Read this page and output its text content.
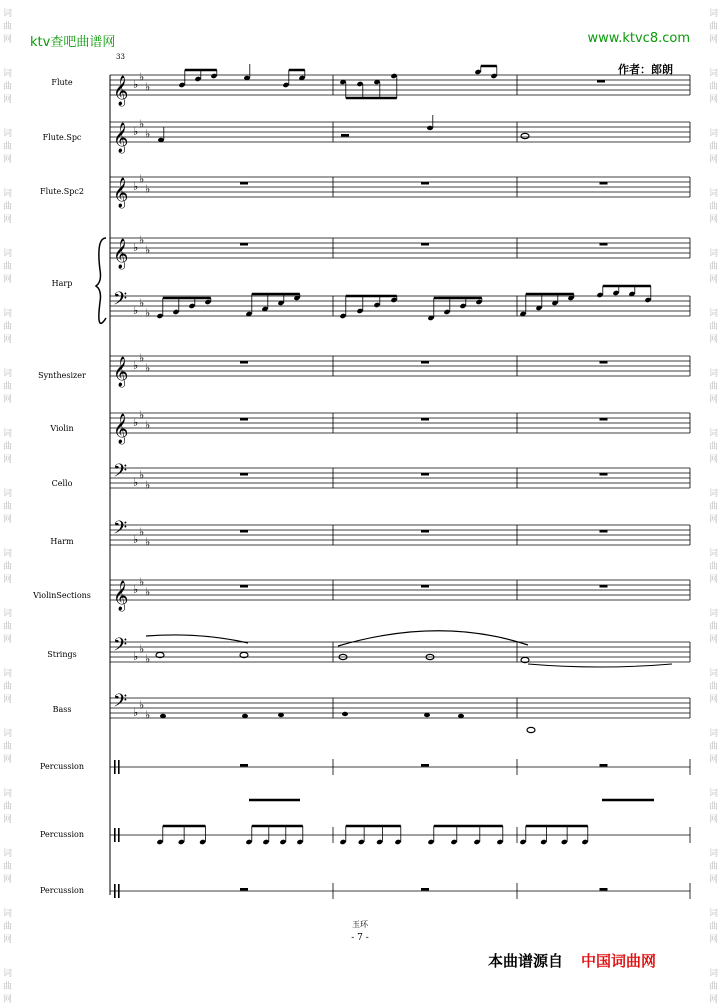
词
曲
网
词
曲
网
词
曲
网
词
曲
网
词
曲
网
词
曲
网
词
曲
网
词
曲
网
词
曲
网
词
曲
网
词
曲
网
词
曲
网
词
曲
网
词
曲
网
词
曲
网
词
曲
网
词
曲
网
词
曲
网
词
曲
网
词
曲
网
词
曲
网
词
曲
网
词
曲
网
词
曲
网
词
曲
网
词
曲
网
词
曲
网
词
曲
网
词
曲
网
词
曲
网
词
曲
网
词
曲
网
词
曲
网
词
曲
网
ktv查吧曲谱网	www.ktvc8.com
作者：郎朗
33
Flute
Flute.Spc
Flute.Spc2
Harp
Synthesizer
Violin
Cello
Harm
ViolinSections
Strings
Bass
Percussion
Percussion
Percussion
𝄞 ♭
♭
♭
𝄞 ♭
♭
♭
𝄞 ♭
♭
♭
𝄞 ♭
♭
♭
𝄢 ♭
♭
♭
𝄞 ♭
♭
♭
𝄞 ♭
♭
♭
𝄢 ♭
♭
♭
𝄢 ♭
♭
♭
𝄞 ♭
♭
♭
𝄢 ♭
♭
♭
𝄢 ♭
♭
♭
玉环
- 7 -
本曲谱源自 中国词曲网
